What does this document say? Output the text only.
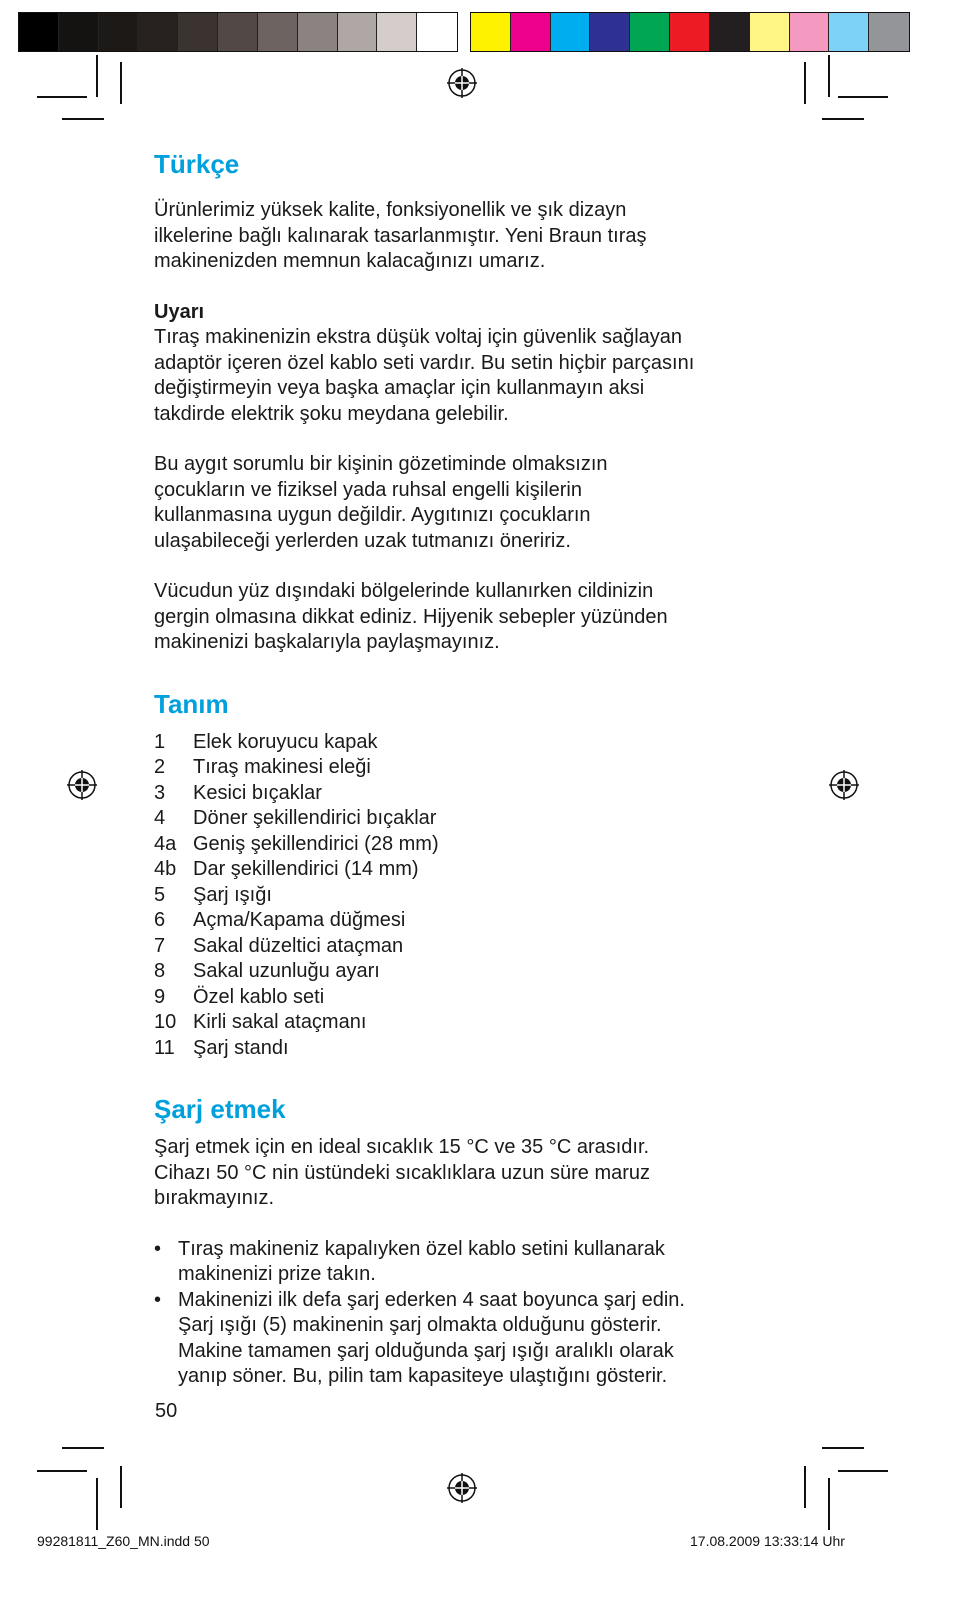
Türkçe

Ürünlerimiz yüksek kalite, fonksiyonellik ve şık dizayn

ilkelerine bağlı kalınarak tasarlanmıştır. Yeni Braun tıraş

makinenizden memnun kalacağınızı umarız.

Uyarı

Tıraş makinenizin ekstra düşük voltaj için güvenlik sağlayan

adaptör içeren özel kablo seti vardır. Bu setin hiçbir parçasını

değiştirmeyin veya başka amaçlar için kullanmayın aksi

takdirde elektrik şoku meydana gelebilir.

Bu aygıt sorumlu bir kişinin gözetiminde olmaksızın

çocukların ve fiziksel yada ruhsal engelli kişilerin

kullanmasına uygun değildir. Aygıtınızı çocukların

ulaşabileceği yerlerden uzak tutmanızı öneririz.

Vücudun yüz dışındaki bölgelerinde kullanırken cildinizin

gergin olmasına dikkat ediniz. Hijyenik sebepler yüzünden

makinenizi başkalarıyla paylaşmayınız.

Tanım
1	Elek koruyucu kapak
2	Tıraş makinesi eleği
3	Kesici bıçaklar
4	Döner şekillendirici bıçaklar
4a Geniş şekillendirici (28 mm)
4b Dar şekillendirici (14 mm)
5	Şarj ışığı
6	Açma/Kapama düğmesi
7	Sakal düzeltici ataçman
8	Sakal uzunluğu ayarı
9	Özel kablo seti
10 Kirli sakal ataçmanı
11 Şarj standı
Şarj etmek

Şarj etmek için en ideal sıcaklık 15 °C ve 35 °C arasıdır.

Cihazı 50 °C nin üstündeki sıcaklıklara uzun süre maruz

bırakmayınız.

• Tıraş makineniz kapalıyken özel kablo setini kullanarak

makinenizi prize takın.

• Makinenizi ilk defa şarj ederken 4 saat boyunca şarj edin.

Şarj ışığı (5) makinenin şarj olmakta olduğunu gösterir.

Makine tamamen şarj olduğunda şarj ışığı aralıklı olarak

yanıp söner. Bu, pilin tam kapasiteye ulaştığını gösterir.

50
99281811_Z60_MN.indd 50	17.08.2009 13:33:14 Uhr
